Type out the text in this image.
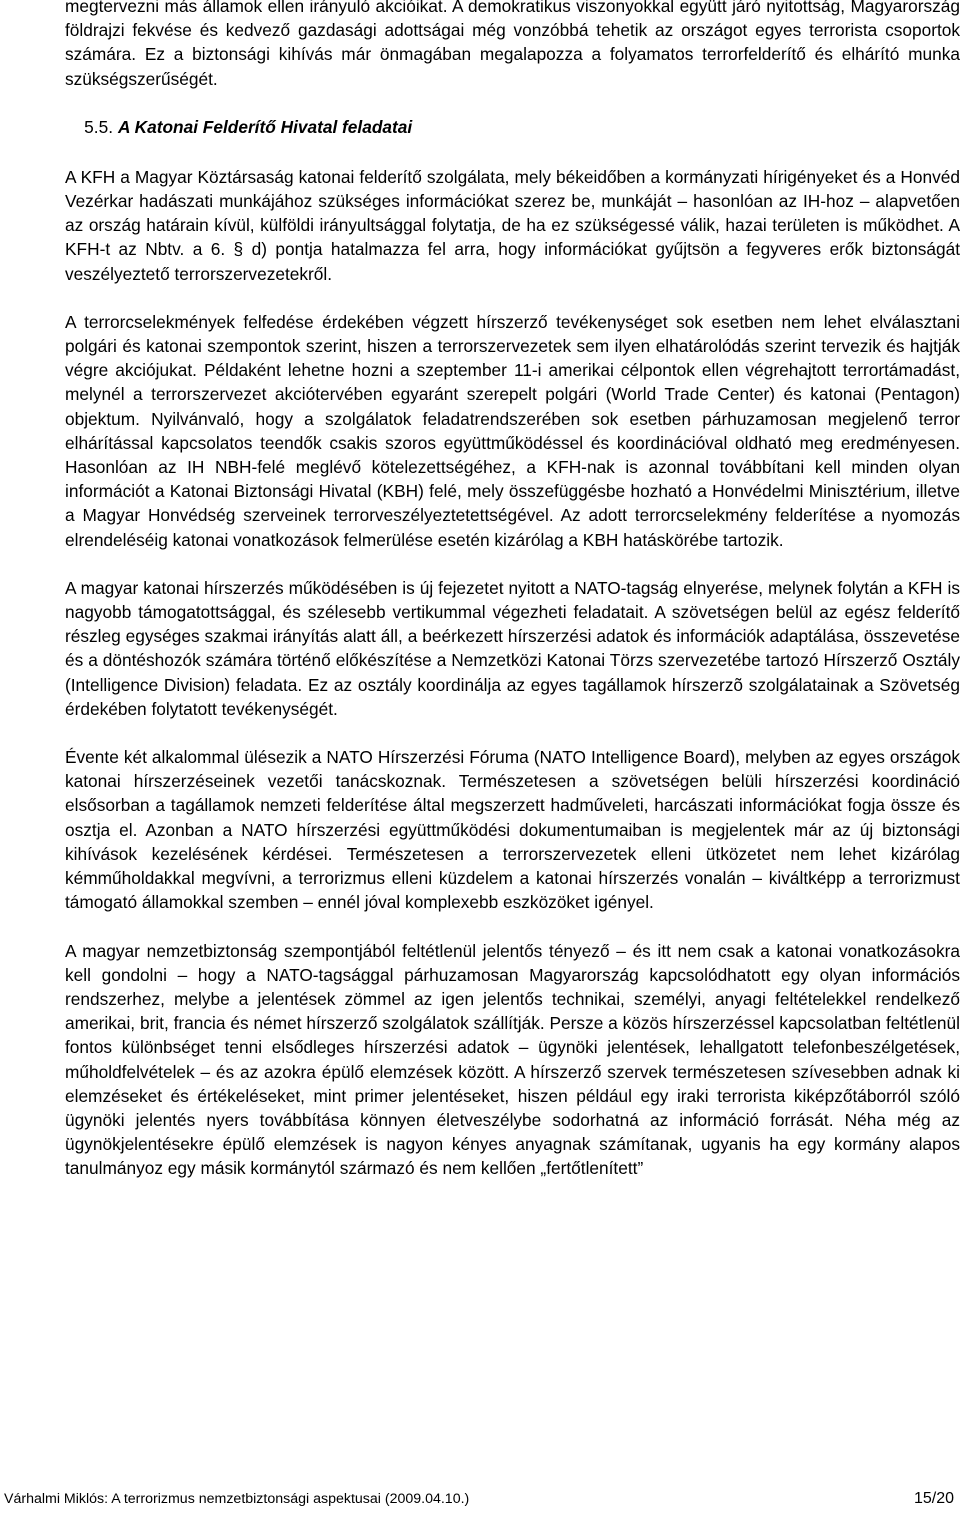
megtervezni más államok ellen irányuló akcióikat. A demokratikus viszonyokkal együtt járó nyitottság, Magyarország földrajzi fekvése és kedvező gazdasági adottságai még vonzóbbá tehetik az országot egyes terrorista csoportok számára. Ez a biztonsági kihívás már önmagában megalapozza a folyamatos terrorfelderítő és elhárító munka szükségszerűségét.

5.5. A Katonai Felderítő Hivatal feladatai

A KFH a Magyar Köztársaság katonai felderítő szolgálata, mely békeidőben a kormányzati hírigényeket és a Honvéd Vezérkar hadászati munkájához szükséges információkat szerez be, munkáját – hasonlóan az IH-hoz – alapvetően az ország határain kívül, külföldi irányultsággal folytatja, de ha ez szükségessé válik, hazai területen is működhet. A KFH-t az Nbtv. a 6. § d) pontja hatalmazza fel arra, hogy információkat gyűjtsön a fegyveres erők biztonságát veszélyeztető terrorszervezetekről.

A terrorcselekmények felfedése érdekében végzett hírszerző tevékenységet sok esetben nem lehet elválasztani polgári és katonai szempontok szerint, hiszen a terrorszervezetek sem ilyen elhatárolódás szerint tervezik és hajtják végre akciójukat. Példaként lehetne hozni a szeptember 11-i amerikai célpontok ellen végrehajtott terrortámadást, melynél a terrorszervezet akciótervében egyaránt szerepelt polgári (World Trade Center) és katonai (Pentagon) objektum. Nyilvánvaló, hogy a szolgálatok feladatrendszerében sok esetben párhuzamosan megjelenő terror elhárítással kapcsolatos teendők csakis szoros együttműködéssel és koordinációval oldható meg eredményesen. Hasonlóan az IH NBH-felé meglévő kötelezettségéhez, a KFH-nak is azonnal továbbítani kell minden olyan információt a Katonai Biztonsági Hivatal (KBH) felé, mely összefüggésbe hozható a Honvédelmi Minisztérium, illetve a Magyar Honvédség szerveinek terrorveszélyeztetettségével. Az adott terrorcselekmény felderítése a nyomozás elrendeléséig katonai vonatkozások felmerülése esetén kizárólag a KBH hatáskörébe tartozik.

A magyar katonai hírszerzés működésében is új fejezetet nyitott a NATO-tagság elnyerése, melynek folytán a KFH is nagyobb támogatottsággal, és szélesebb vertikummal végezheti feladatait. A szövetségen belül az egész felderítő részleg egységes szakmai irányítás alatt áll, a beérkezett hírszerzési adatok és információk adaptálása, összevetése és a döntéshozók számára történő előkészítése a Nemzetközi Katonai Törzs szervezetébe tartozó Hírszerző Osztály (Intelligence Division) feladata. Ez az osztály koordinálja az egyes tagállamok hírszerzõ szolgálatainak a Szövetség érdekében folytatott tevékenységét.

Évente két alkalommal ülésezik a NATO Hírszerzési Fóruma (NATO Intelligence Board), melyben az egyes országok katonai hírszerzéseinek vezetői tanácskoznak. Természetesen a szövetségen belüli hírszerzési koordináció elsősorban a tagállamok nemzeti felderítése által megszerzett hadműveleti, harcászati információkat fogja össze és osztja el. Azonban a NATO hírszerzési együttműködési dokumentumaiban is megjelentek már az új biztonsági kihívások kezelésének kérdései. Természetesen a terrorszervezetek elleni ütközetet nem lehet kizárólag kémműholdakkal megvívni, a terrorizmus elleni küzdelem a katonai hírszerzés vonalán – kiváltképp a terrorizmust támogató államokkal szemben – ennél jóval komplexebb eszközöket igényel.

A magyar nemzetbiztonság szempontjából feltétlenül jelentős tényező – és itt nem csak a katonai vonatkozásokra kell gondolni – hogy a NATO-tagsággal párhuzamosan Magyarország kapcsolódhatott egy olyan információs rendszerhez, melybe a jelentések zömmel az igen jelentős technikai, személyi, anyagi feltételekkel rendelkező amerikai, brit, francia és német hírszerző szolgálatok szállítják. Persze a közös hírszerzéssel kapcsolatban feltétlenül fontos különbséget tenni elsődleges hírszerzési adatok – ügynöki jelentések, lehallgatott telefonbeszélgetések, műholdfelvételek – és az azokra épülő elemzések között. A hírszerző szervek természetesen szívesebben adnak ki elemzéseket és értékeléseket, mint primer jelentéseket, hiszen például egy iraki terrorista kiképzőtáborról szóló ügynöki jelentés nyers továbbítása könnyen életveszélybe sodorhatná az információ forrását. Néha még az ügynökjelentésekre épülő elemzések is nagyon kényes anyagnak számítanak, ugyanis ha egy kormány alapos tanulmányoz egy másik kormánytól származó és nem kellően „fertőtlenített”

Várhalmi Miklós: A terrorizmus nemzetbiztonsági aspektusai (2009.04.10.)	15/20
